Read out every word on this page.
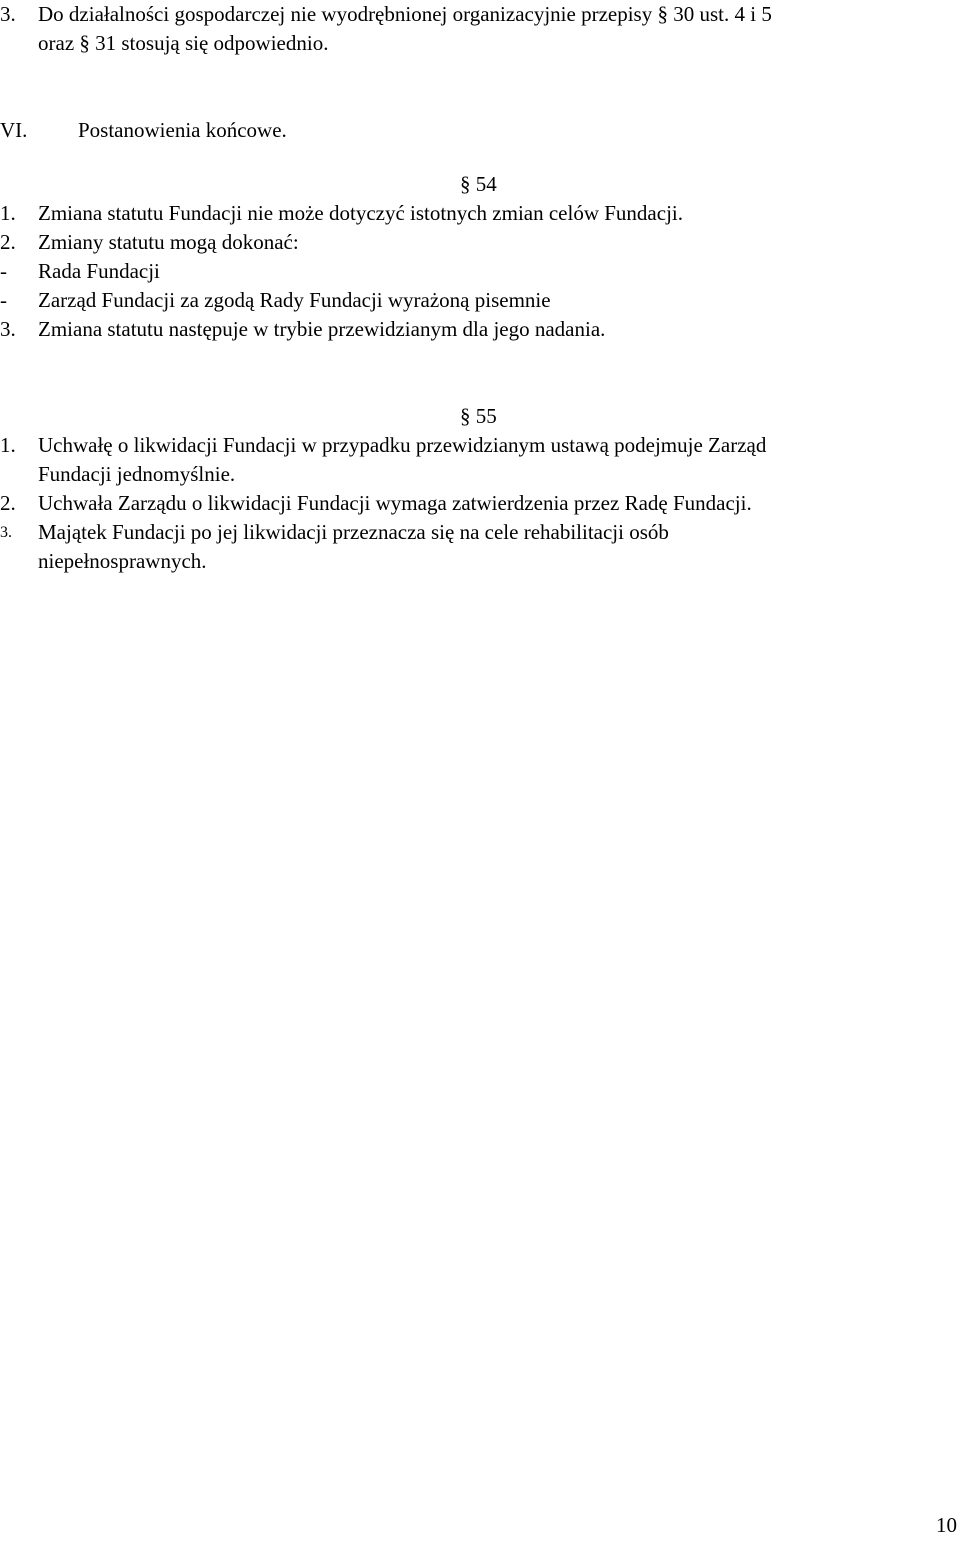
3. Do działalności gospodarczej nie wyodrębnionej organizacyjnie przepisy § 30 ust. 4 i 5
oraz § 31 stosują się odpowiednio.
VI. Postanowienia końcowe.
§ 54
1. Zmiana statutu Fundacji nie może dotyczyć istotnych zmian celów Fundacji.
2. Zmiany statutu mogą dokonać:
- Rada Fundacji
- Zarząd Fundacji za zgodą Rady Fundacji wyrażoną pisemnie
3. Zmiana statutu następuje w trybie przewidzianym dla jego nadania.
§ 55
1. Uchwałę o likwidacji Fundacji w przypadku przewidzianym ustawą podejmuje Zarząd
Fundacji jednomyślnie.
2. Uchwała Zarządu o likwidacji Fundacji wymaga zatwierdzenia przez Radę Fundacji.
3. Majątek Fundacji po jej likwidacji przeznacza się na cele rehabilitacji osób
niepełnosprawnych.
10
